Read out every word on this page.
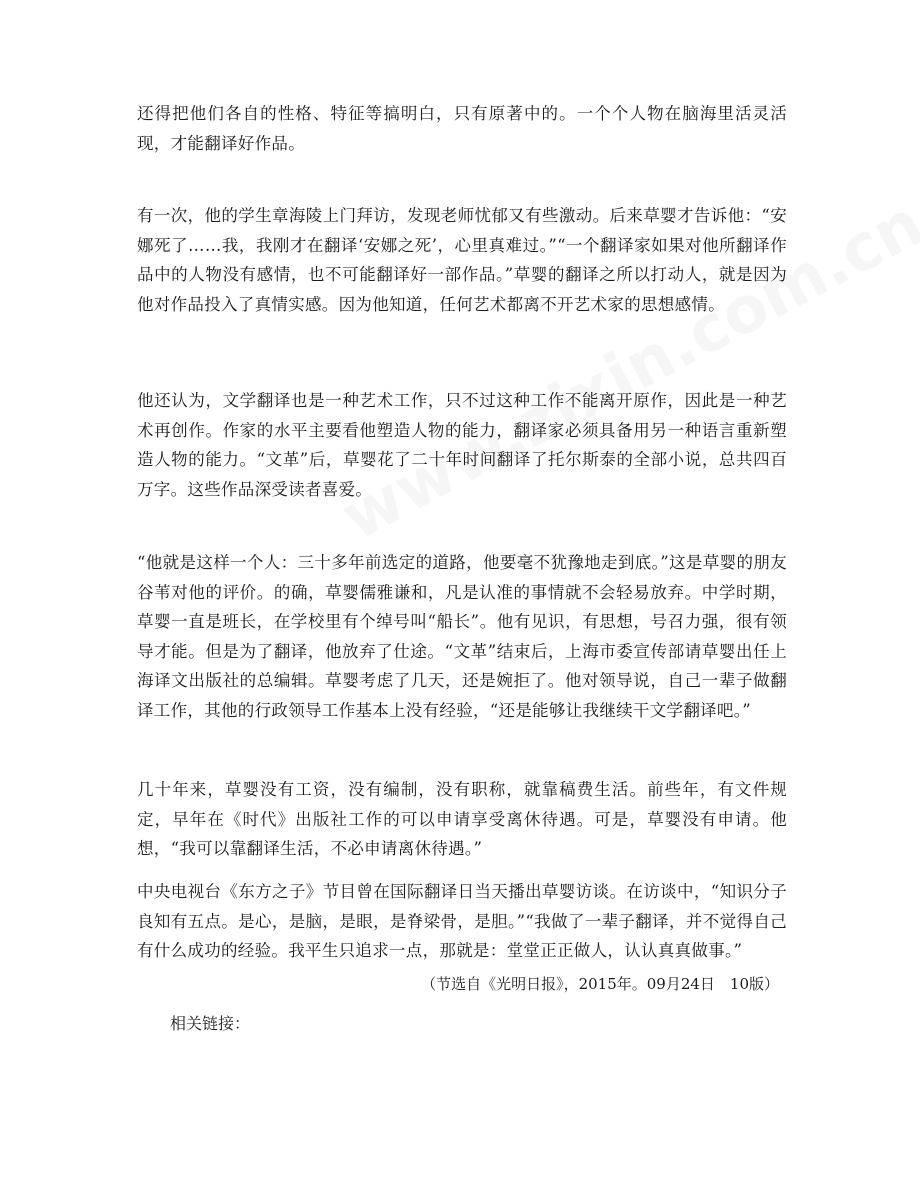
还得把他们各自的性格、特征等搞明白，只有原著中的。一个个人物在脑海里活灵活现，才能翻译好作品。

有一次，他的学生章海陵上门拜访，发现老师忧郁又有些激动。后来草婴才告诉他：“安娜死了……我，我刚才在翻译‘安娜之死’，心里真难过。”“一个翻译家如果对他所翻译作品中的人物没有感情，也不可能翻译好一部作品。”草婴的翻译之所以打动人，就是因为他对作品投入了真情实感。因为他知道，任何艺术都离不开艺术家的思想感情。

他还认为，文学翻译也是一种艺术工作，只不过这种工作不能离开原作，因此是一种艺术再创作。作家的水平主要看他塑造人物的能力，翻译家必须具备用另一种语言重新塑造人物的能力。“文革”后，草婴花了二十年时间翻译了托尔斯泰的全部小说，总共四百万字。这些作品深受读者喜爱。

“他就是这样一个人：三十多年前选定的道路，他要毫不犹豫地走到底。”这是草婴的朋友谷苇对他的评价。的确，草婴儒雅谦和，凡是认准的事情就不会轻易放弃。中学时期，草婴一直是班长，在学校里有个绰号叫“船长”。他有见识，有思想，号召力强，很有领导才能。但是为了翻译，他放弃了仕途。“文革”结束后，上海市委宣传部请草婴出任上海译文出版社的总编辑。草婴考虑了几天，还是婉拒了。他对领导说，自己一辈子做翻译工作，其他的行政领导工作基本上没有经验，“还是能够让我继续干文学翻译吧。”

几十年来，草婴没有工资，没有编制，没有职称，就靠稿费生活。前些年，有文件规定，早年在《时代》出版社工作的可以申请享受离休待遇。可是，草婴没有申请。他想，“我可以靠翻译生活，不必申请离休待遇。”

中央电视台《东方之子》节目曾在国际翻译日当天播出草婴访谈。在访谈中，“知识分子良知有五点。是心，是脑，是眼，是脊梁骨，是胆。”“我做了一辈子翻译，并不觉得自己有什么成功的经验。我平生只追求一点，那就是：堂堂正正做人，认认真真做事。”

（节选自《光明日报》，2015年。09月24日　10版）

相关链接：
